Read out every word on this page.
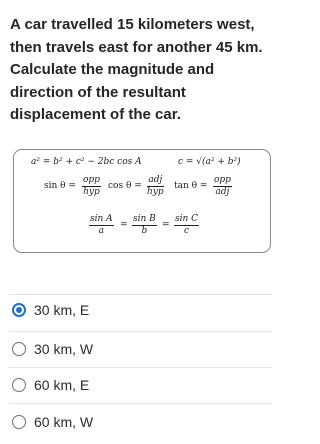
A car travelled 15 kilometers west,
then travels east for another 45 km.
Calculate the magnitude and
direction of the resultant
displacement of the car.
a² = b² + c² − 2bc cos A	c = √(a² + b²)
sin θ =
opp
hyp
cos θ =
adj
hyp
tan θ =
opp
adj
$\frac{\text{sin A}}{a} = \frac{\text{sin B}}{b} = \frac{\text{sin C}}{c}$
30 km, E
30 km, W
60 km, E
60 km, W
